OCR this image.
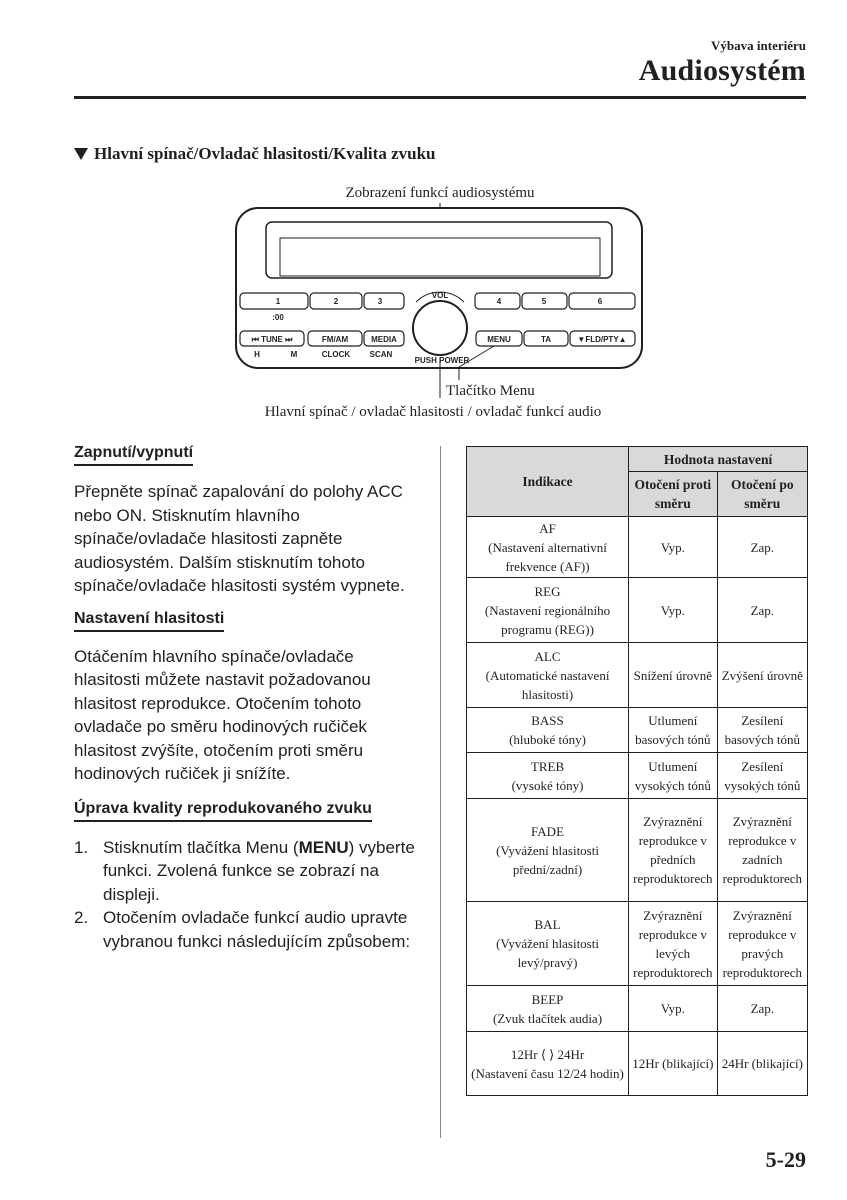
Výbava interiéru
Audiosystém
Hlavní spínač/Ovladač hlasitosti/Kvalita zvuku
Zobrazení funkcí audiosystému
1	2	3	4	5	6
:00
VOL
PUSH POWER
⏮ TUNE ⏭	FM/AM	MEDIA	MENU	TA	▼FLD/PTY▲
H	M	CLOCK SCAN
Tlačítko Menu
Hlavní spínač / ovladač hlasitosti / ovladač funkcí audio
Zapnutí/vypnutí

Přepněte spínač zapalování do polohy ACC nebo ON. Stisknutím hlavního spínače/ovladače hlasitosti zapněte audiosystém. Dalším stisknutím tohoto spínače/ovladače hlasitosti systém vypnete.

Nastavení hlasitosti

Otáčením hlavního spínače/ovladače hlasitosti můžete nastavit požadovanou hlasitost reprodukce. Otočením tohoto ovladače po směru hodinových ručiček hlasitost zvýšíte, otočením proti směru hodinových ručiček ji snížíte.

Úprava kvality reprodukovaného zvuku
1. Stisknutím tlačítka Menu (MENU) vyberte funkci. Zvolená funkce se zobrazí na displeji.
2. Otočením ovladače funkcí audio upravte vybranou funkci následujícím způsobem:
Indikace	Hodnota nastavení	
	Otočení proti směru	Otočení po směru

AF
(Nastavení alternativní frekvence (AF))	Vyp.	Zap.

REG
(Nastavení regionálního programu (REG))	Vyp.	Zap.

ALC
(Automatické nastavení hlasitosti)	Snížení úrovně	Zvýšení úrovně

BASS
(hluboké tóny)	Utlumení basových tónů	Zesílení basových tónů

TREB
(vysoké tóny)	Utlumení vysokých tónů	Zesílení vysokých tónů

FADE
(Vyvážení hlasitosti přední/zadní)	Zvýraznění reprodukce v předních reproduktorech	Zvýraznění reprodukce v zadních reproduktorech

BAL
(Vyvážení hlasitosti levý/pravý)	Zvýraznění reprodukce v levých reproduktorech	Zvýraznění reprodukce v pravých reproduktorech

BEEP
(Zvuk tlačítek audia)	Vyp.	Zap.

12Hr ⟨ ⟩ 24Hr
(Nastavení času 12/24 hodin)	12Hr (blikající)	24Hr (blikající)
5-29
